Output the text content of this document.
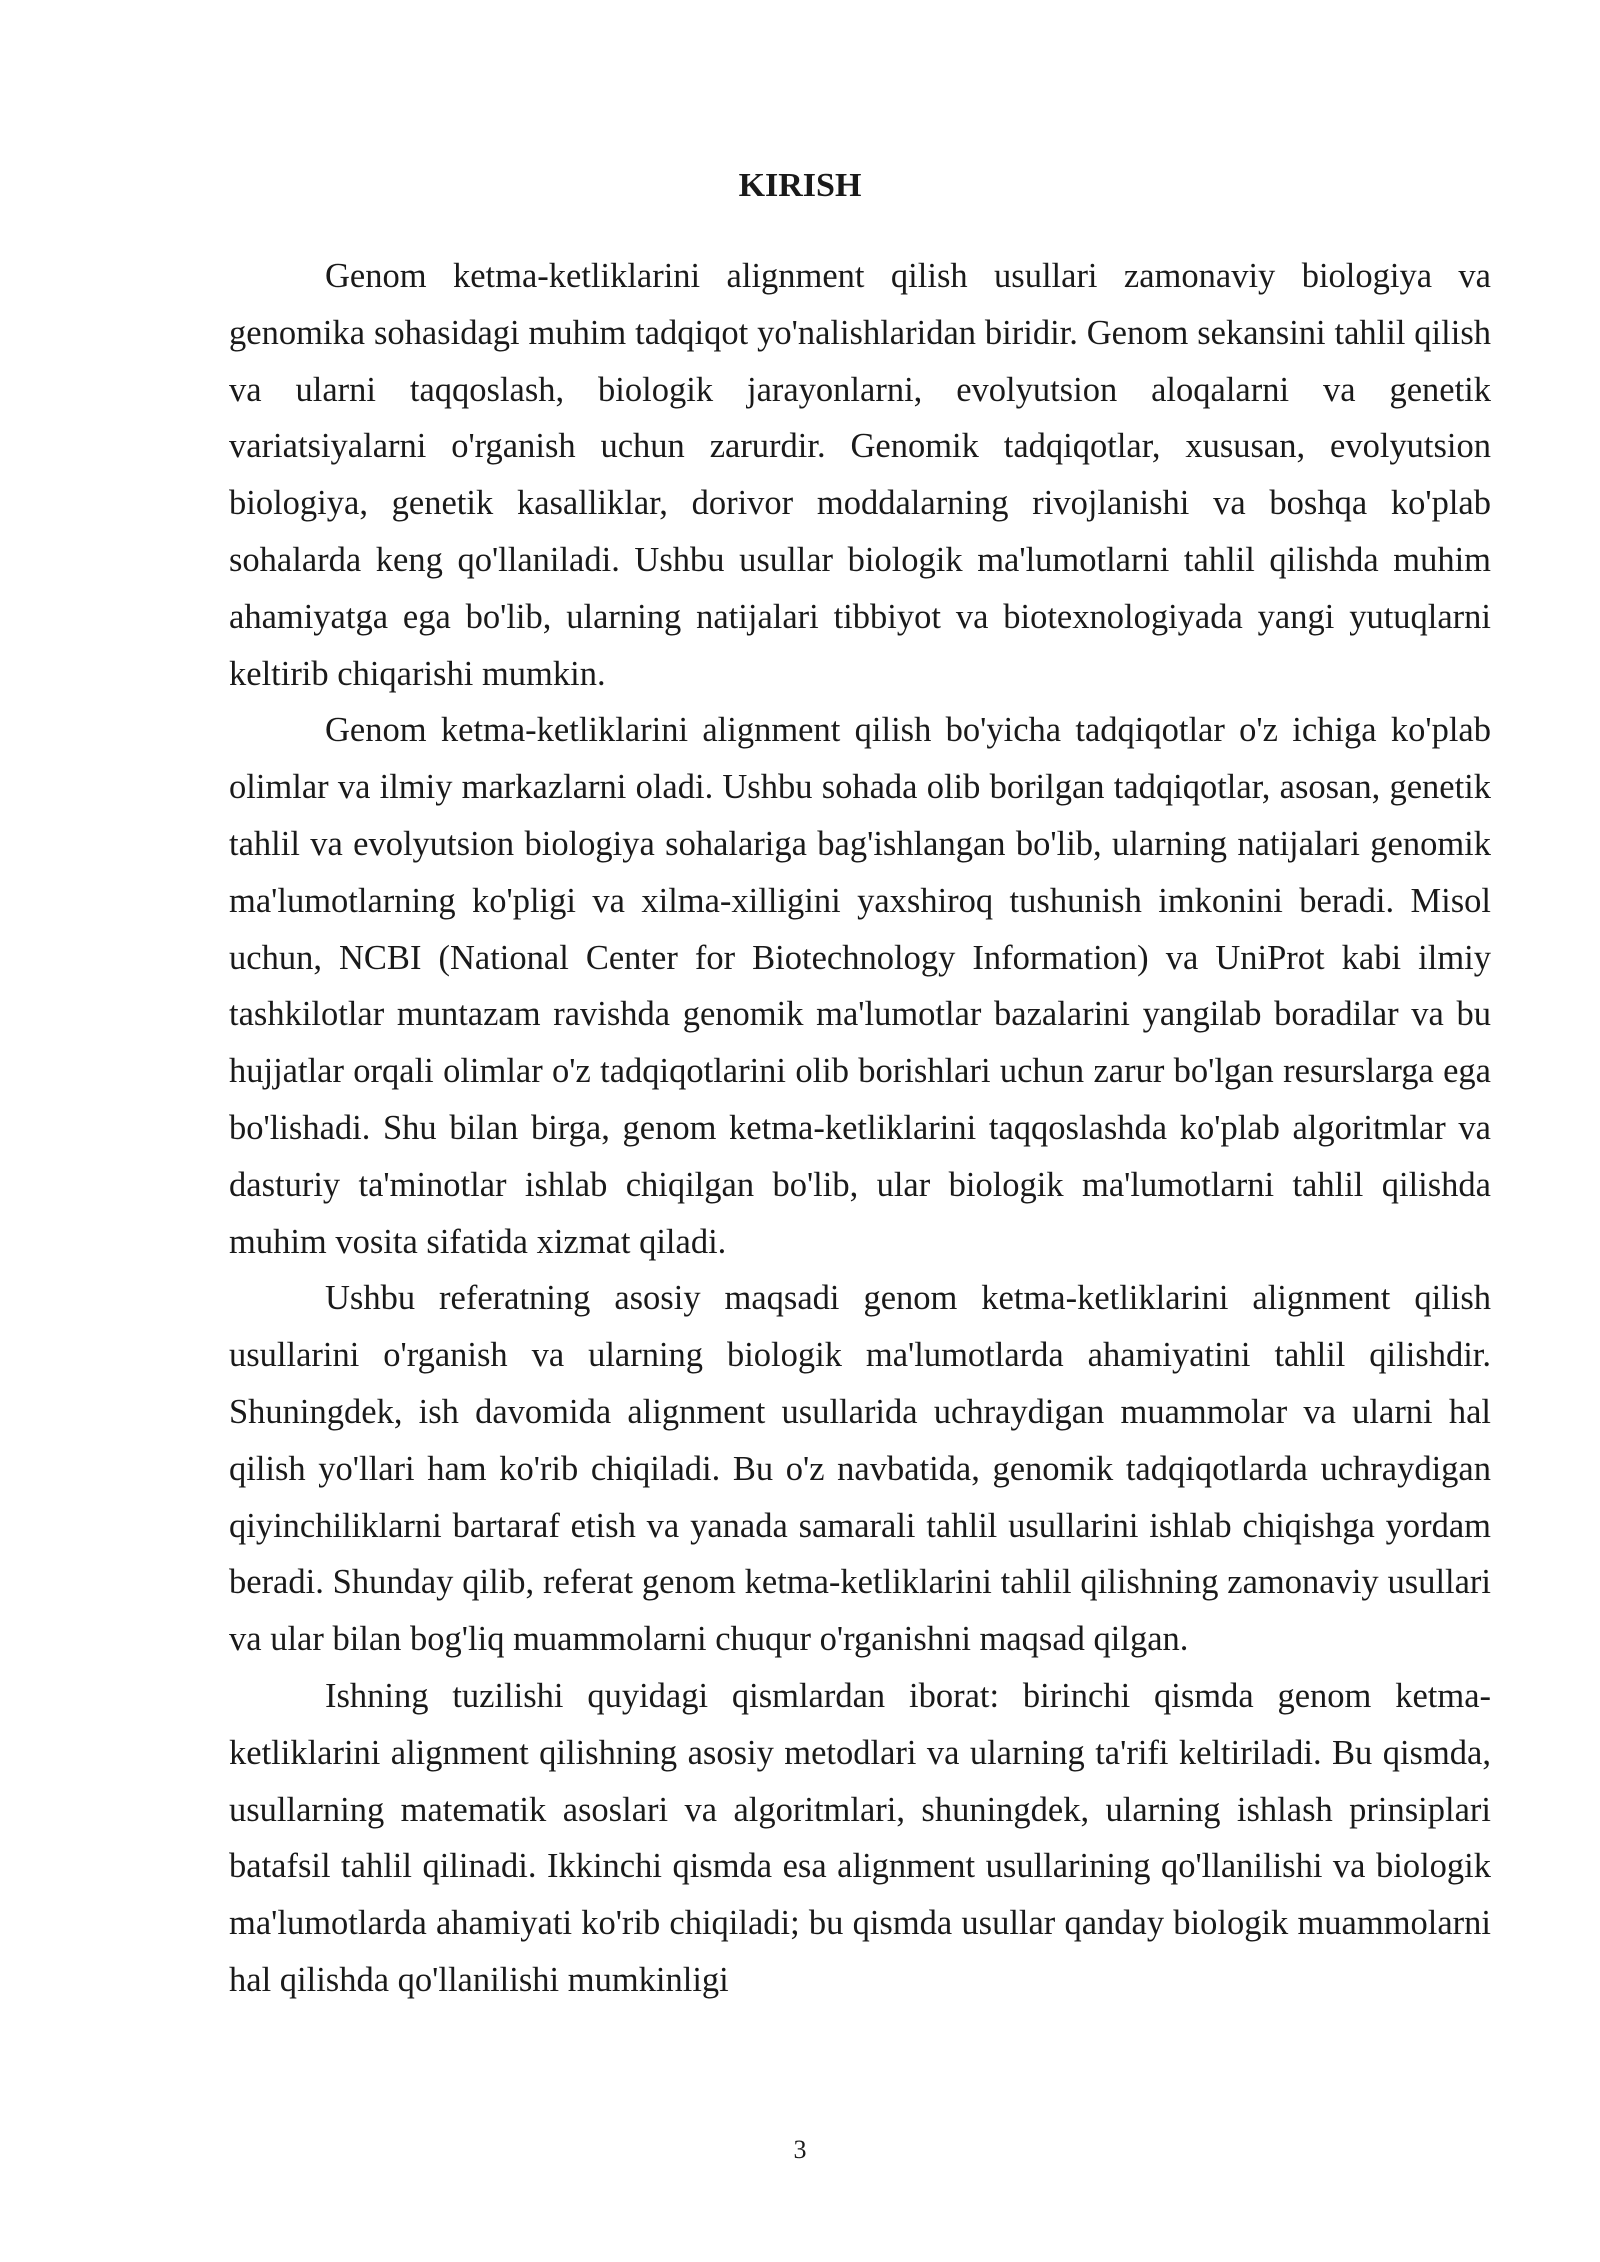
KIRISH

Genom ketma-ketliklarini alignment qilish usullari zamonaviy biologiya va genomika sohasidagi muhim tadqiqot yo'nalishlaridan biridir. Genom sekansini tahlil qilish va ularni taqqoslash, biologik jarayonlarni, evolyutsion aloqalarni va genetik variatsiyalarni o'rganish uchun zarurdir. Genomik tadqiqotlar, xususan, evolyutsion biologiya, genetik kasalliklar, dorivor moddalarning rivojlanishi va boshqa ko'plab sohalarda keng qo'llaniladi. Ushbu usullar biologik ma'lumotlarni tahlil qilishda muhim ahamiyatga ega bo'lib, ularning natijalari tibbiyot va biotexnologiyada yangi yutuqlarni keltirib chiqarishi mumkin.

Genom ketma-ketliklarini alignment qilish bo'yicha tadqiqotlar o'z ichiga ko'plab olimlar va ilmiy markazlarni oladi. Ushbu sohada olib borilgan tadqiqotlar, asosan, genetik tahlil va evolyutsion biologiya sohalariga bag'ishlangan bo'lib, ularning natijalari genomik ma'lumotlarning ko'pligi va xilma-xilligini yaxshiroq tushunish imkonini beradi. Misol uchun, NCBI (National Center for Biotechnology Information) va UniProt kabi ilmiy tashkilotlar muntazam ravishda genomik ma'lumotlar bazalarini yangilab boradilar va bu hujjatlar orqali olimlar o'z tadqiqotlarini olib borishlari uchun zarur bo'lgan resurslarga ega bo'lishadi. Shu bilan birga, genom ketma-ketliklarini taqqoslashda ko'plab algoritmlar va dasturiy ta'minotlar ishlab chiqilgan bo'lib, ular biologik ma'lumotlarni tahlil qilishda muhim vosita sifatida xizmat qiladi.

Ushbu referatning asosiy maqsadi genom ketma-ketliklarini alignment qilish usullarini o'rganish va ularning biologik ma'lumotlarda ahamiyatini tahlil qilishdir. Shuningdek, ish davomida alignment usullarida uchraydigan muammolar va ularni hal qilish yo'llari ham ko'rib chiqiladi. Bu o'z navbatida, genomik tadqiqotlarda uchraydigan qiyinchiliklarni bartaraf etish va yanada samarali tahlil usullarini ishlab chiqishga yordam beradi. Shunday qilib, referat genom ketma-ketliklarini tahlil qilishning zamonaviy usullari va ular bilan bog'liq muammolarni chuqur o'rganishni maqsad qilgan.

Ishning tuzilishi quyidagi qismlardan iborat: birinchi qismda genom ketma-ketliklarini alignment qilishning asosiy metodlari va ularning ta'rifi keltiriladi. Bu qismda, usullarning matematik asoslari va algoritmlari, shuningdek, ularning ishlash prinsiplari batafsil tahlil qilinadi. Ikkinchi qismda esa alignment usullarining qo'llanilishi va biologik ma'lumotlarda ahamiyati ko'rib chiqiladi; bu qismda usullar qanday biologik muammolarni hal qilishda qo'llanilishi mumkinligi

3
